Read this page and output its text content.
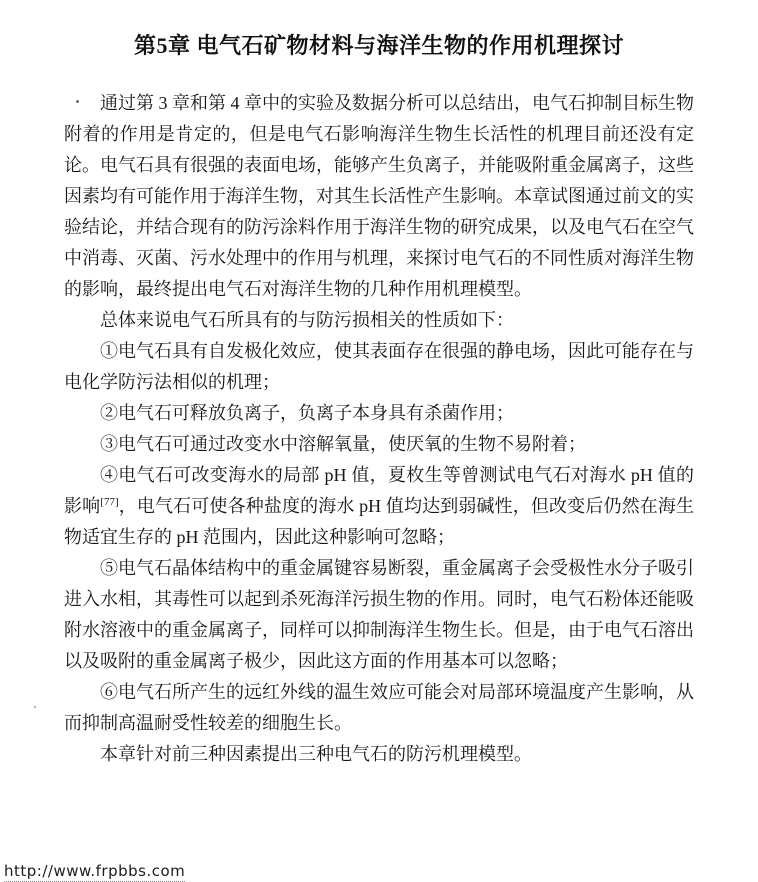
第5章 电气石矿物材料与海洋生物的作用机理探讨

通过第 3 章和第 4 章中的实验及数据分析可以总结出，电气石抑制目标生物附着的作用是肯定的，但是电气石影响海洋生物生长活性的机理目前还没有定论。电气石具有很强的表面电场，能够产生负离子，并能吸附重金属离子，这些因素均有可能作用于海洋生物，对其生长活性产生影响。本章试图通过前文的实验结论，并结合现有的防污涂料作用于海洋生物的研究成果，以及电气石在空气中消毒、灭菌、污水处理中的作用与机理，来探讨电气石的不同性质对海洋生物的影响，最终提出电气石对海洋生物的几种作用机理模型。

总体来说电气石所具有的与防污损相关的性质如下：

①电气石具有自发极化效应，使其表面存在很强的静电场，因此可能存在与电化学防污法相似的机理；

②电气石可释放负离子，负离子本身具有杀菌作用；

③电气石可通过改变水中溶解氧量，使厌氧的生物不易附着；

④电气石可改变海水的局部 pH 值，夏枚生等曾测试电气石对海水 pH 值的影响[77]，电气石可使各种盐度的海水 pH 值均达到弱碱性，但改变后仍然在海生物适宜生存的 pH 范围内，因此这种影响可忽略；

⑤电气石晶体结构中的重金属键容易断裂，重金属离子会受极性水分子吸引进入水相，其毒性可以起到杀死海洋污损生物的作用。同时，电气石粉体还能吸附水溶液中的重金属离子，同样可以抑制海洋生物生长。但是，由于电气石溶出以及吸附的重金属离子极少，因此这方面的作用基本可以忽略；

⑥电气石所产生的远红外线的温生效应可能会对局部环境温度产生影响，从而抑制高温耐受性较差的细胞生长。

本章针对前三种因素提出三种电气石的防污机理模型。

http://www.frpbbs.com
